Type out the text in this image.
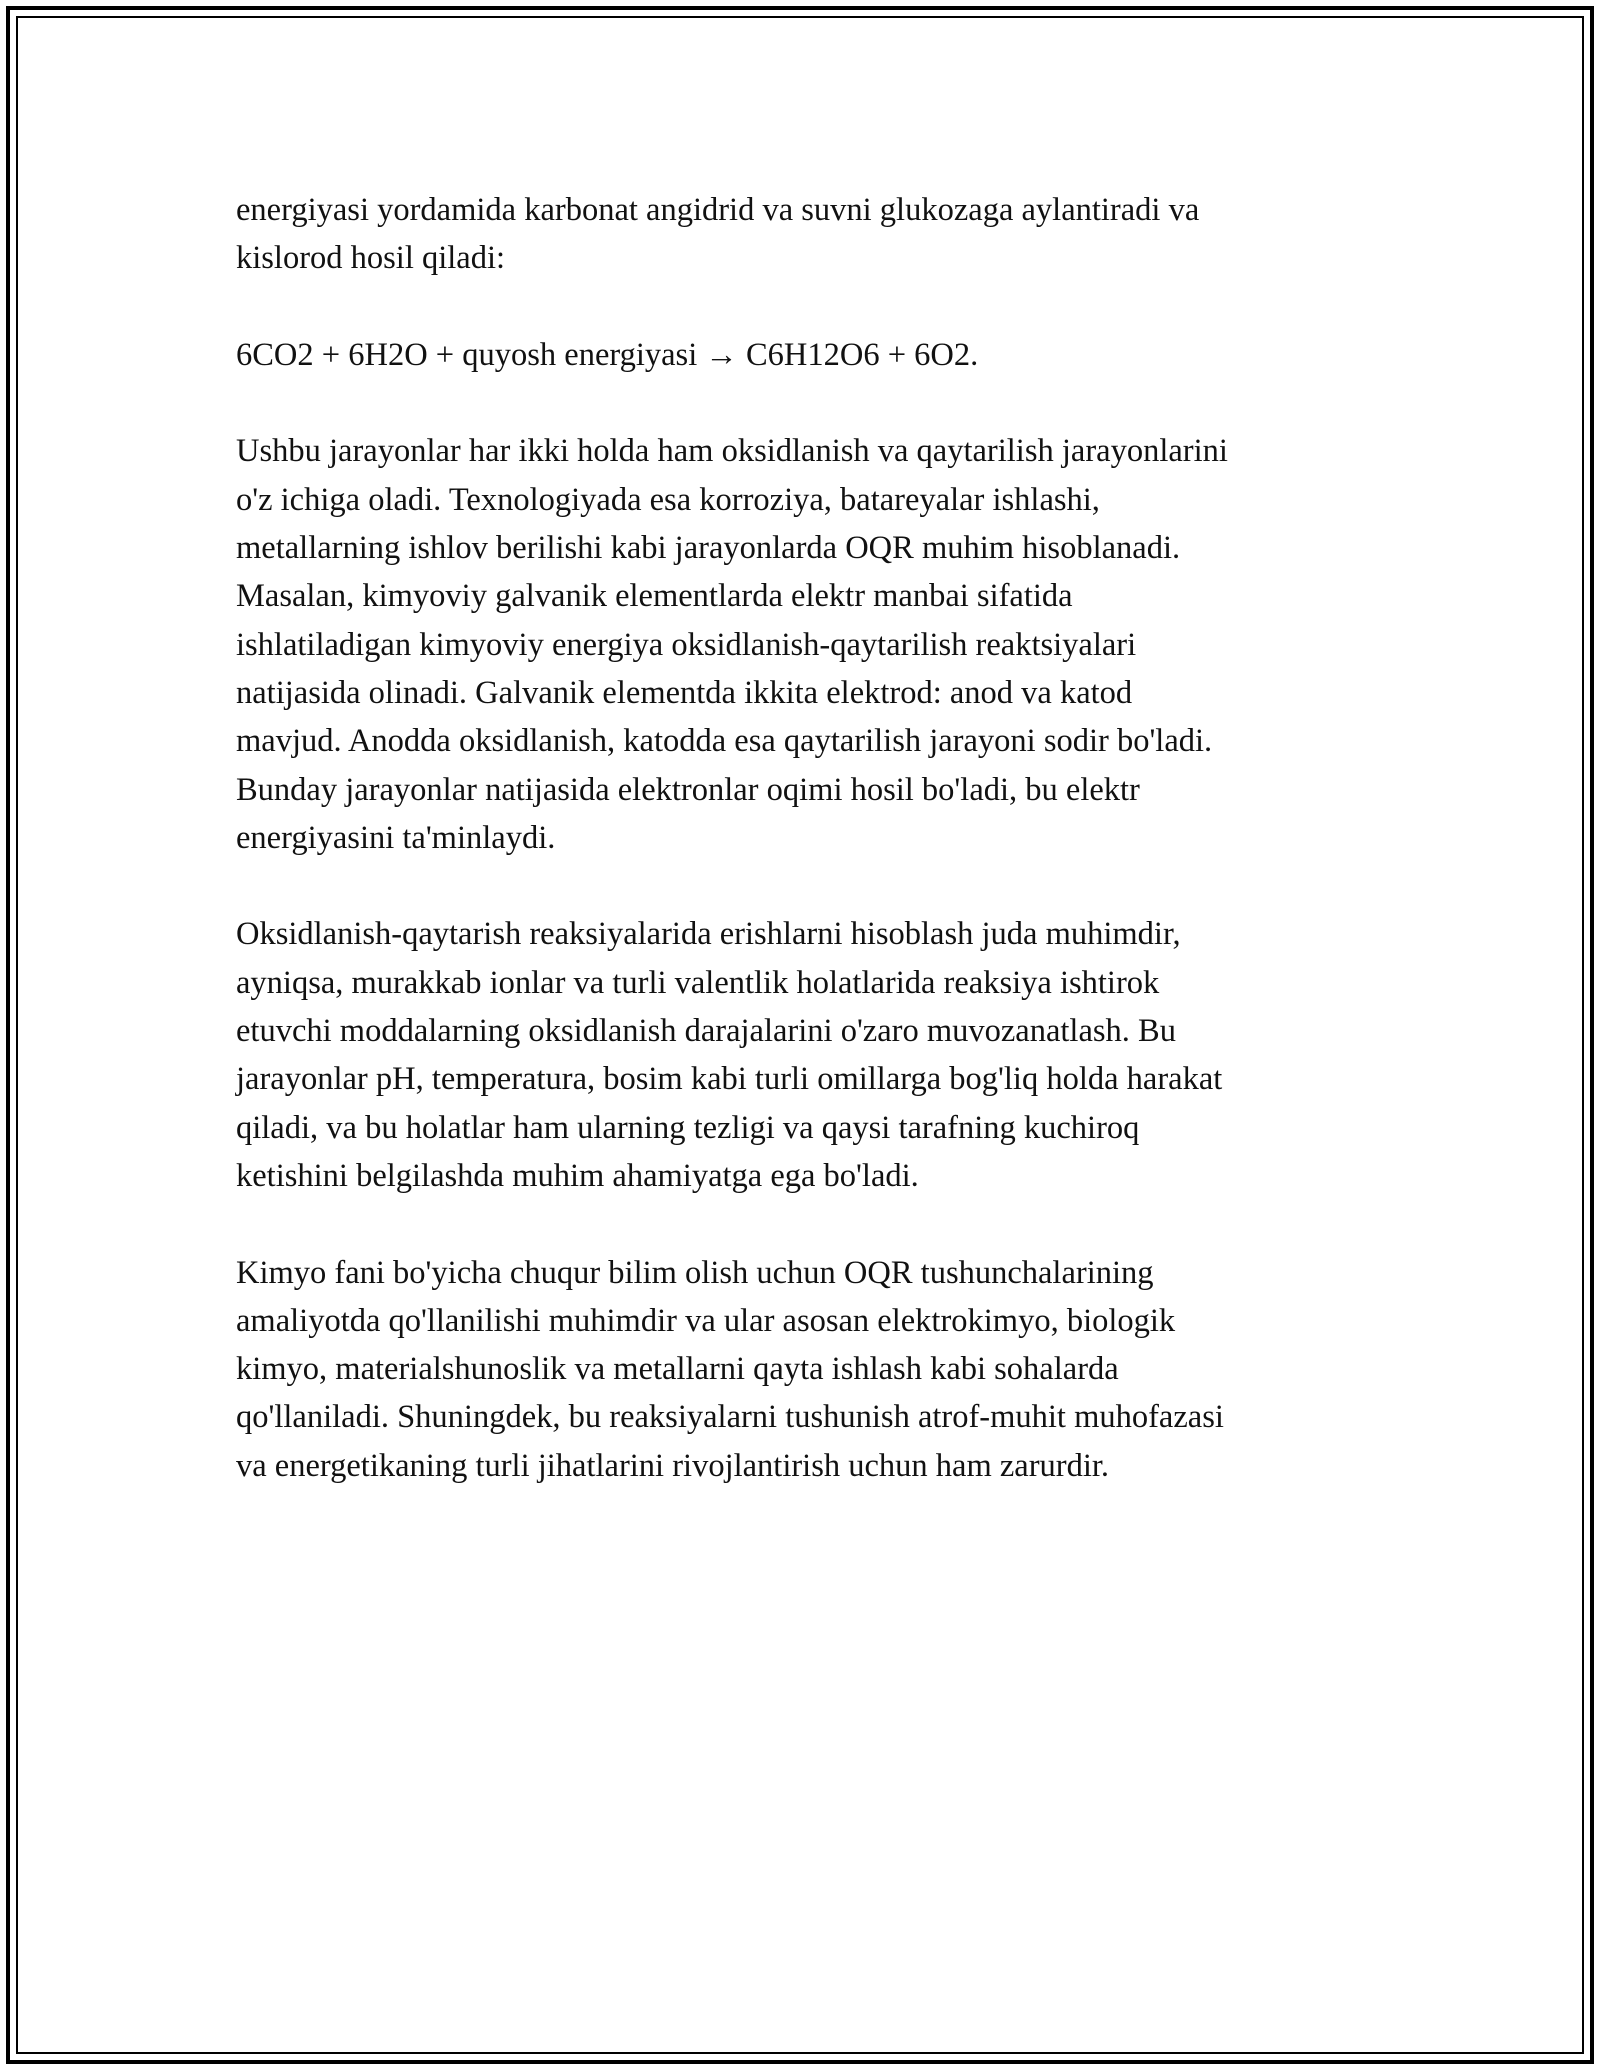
energiyasi yordamida karbonat angidrid va suvni glukozaga aylantiradi va
kislorod hosil qiladi:

6CO2 + 6H2O + quyosh energiyasi → C6H12O6 + 6O2.

Ushbu jarayonlar har ikki holda ham oksidlanish va qaytarilish jarayonlarini
o'z ichiga oladi. Texnologiyada esa korroziya, batareyalar ishlashi,
metallarning ishlov berilishi kabi jarayonlarda OQR muhim hisoblanadi.
Masalan, kimyoviy galvanik elementlarda elektr manbai sifatida
ishlatiladigan kimyoviy energiya oksidlanish-qaytarilish reaktsiyalari
natijasida olinadi. Galvanik elementda ikkita elektrod: anod va katod
mavjud. Anodda oksidlanish, katodda esa qaytarilish jarayoni sodir bo'ladi.
Bunday jarayonlar natijasida elektronlar oqimi hosil bo'ladi, bu elektr
energiyasini ta'minlaydi.

Oksidlanish-qaytarish reaksiyalarida erishlarni hisoblash juda muhimdir,
ayniqsa, murakkab ionlar va turli valentlik holatlarida reaksiya ishtirok
etuvchi moddalarning oksidlanish darajalarini o'zaro muvozanatlash. Bu
jarayonlar pH, temperatura, bosim kabi turli omillarga bog'liq holda harakat
qiladi, va bu holatlar ham ularning tezligi va qaysi tarafning kuchiroq
ketishini belgilashda muhim ahamiyatga ega bo'ladi.

Kimyo fani bo'yicha chuqur bilim olish uchun OQR tushunchalarining
amaliyotda qo'llanilishi muhimdir va ular asosan elektrokimyo, biologik
kimyo, materialshunoslik va metallarni qayta ishlash kabi sohalarda
qo'llaniladi. Shuningdek, bu reaksiyalarni tushunish atrof-muhit muhofazasi
va energetikaning turli jihatlarini rivojlantirish uchun ham zarurdir.
